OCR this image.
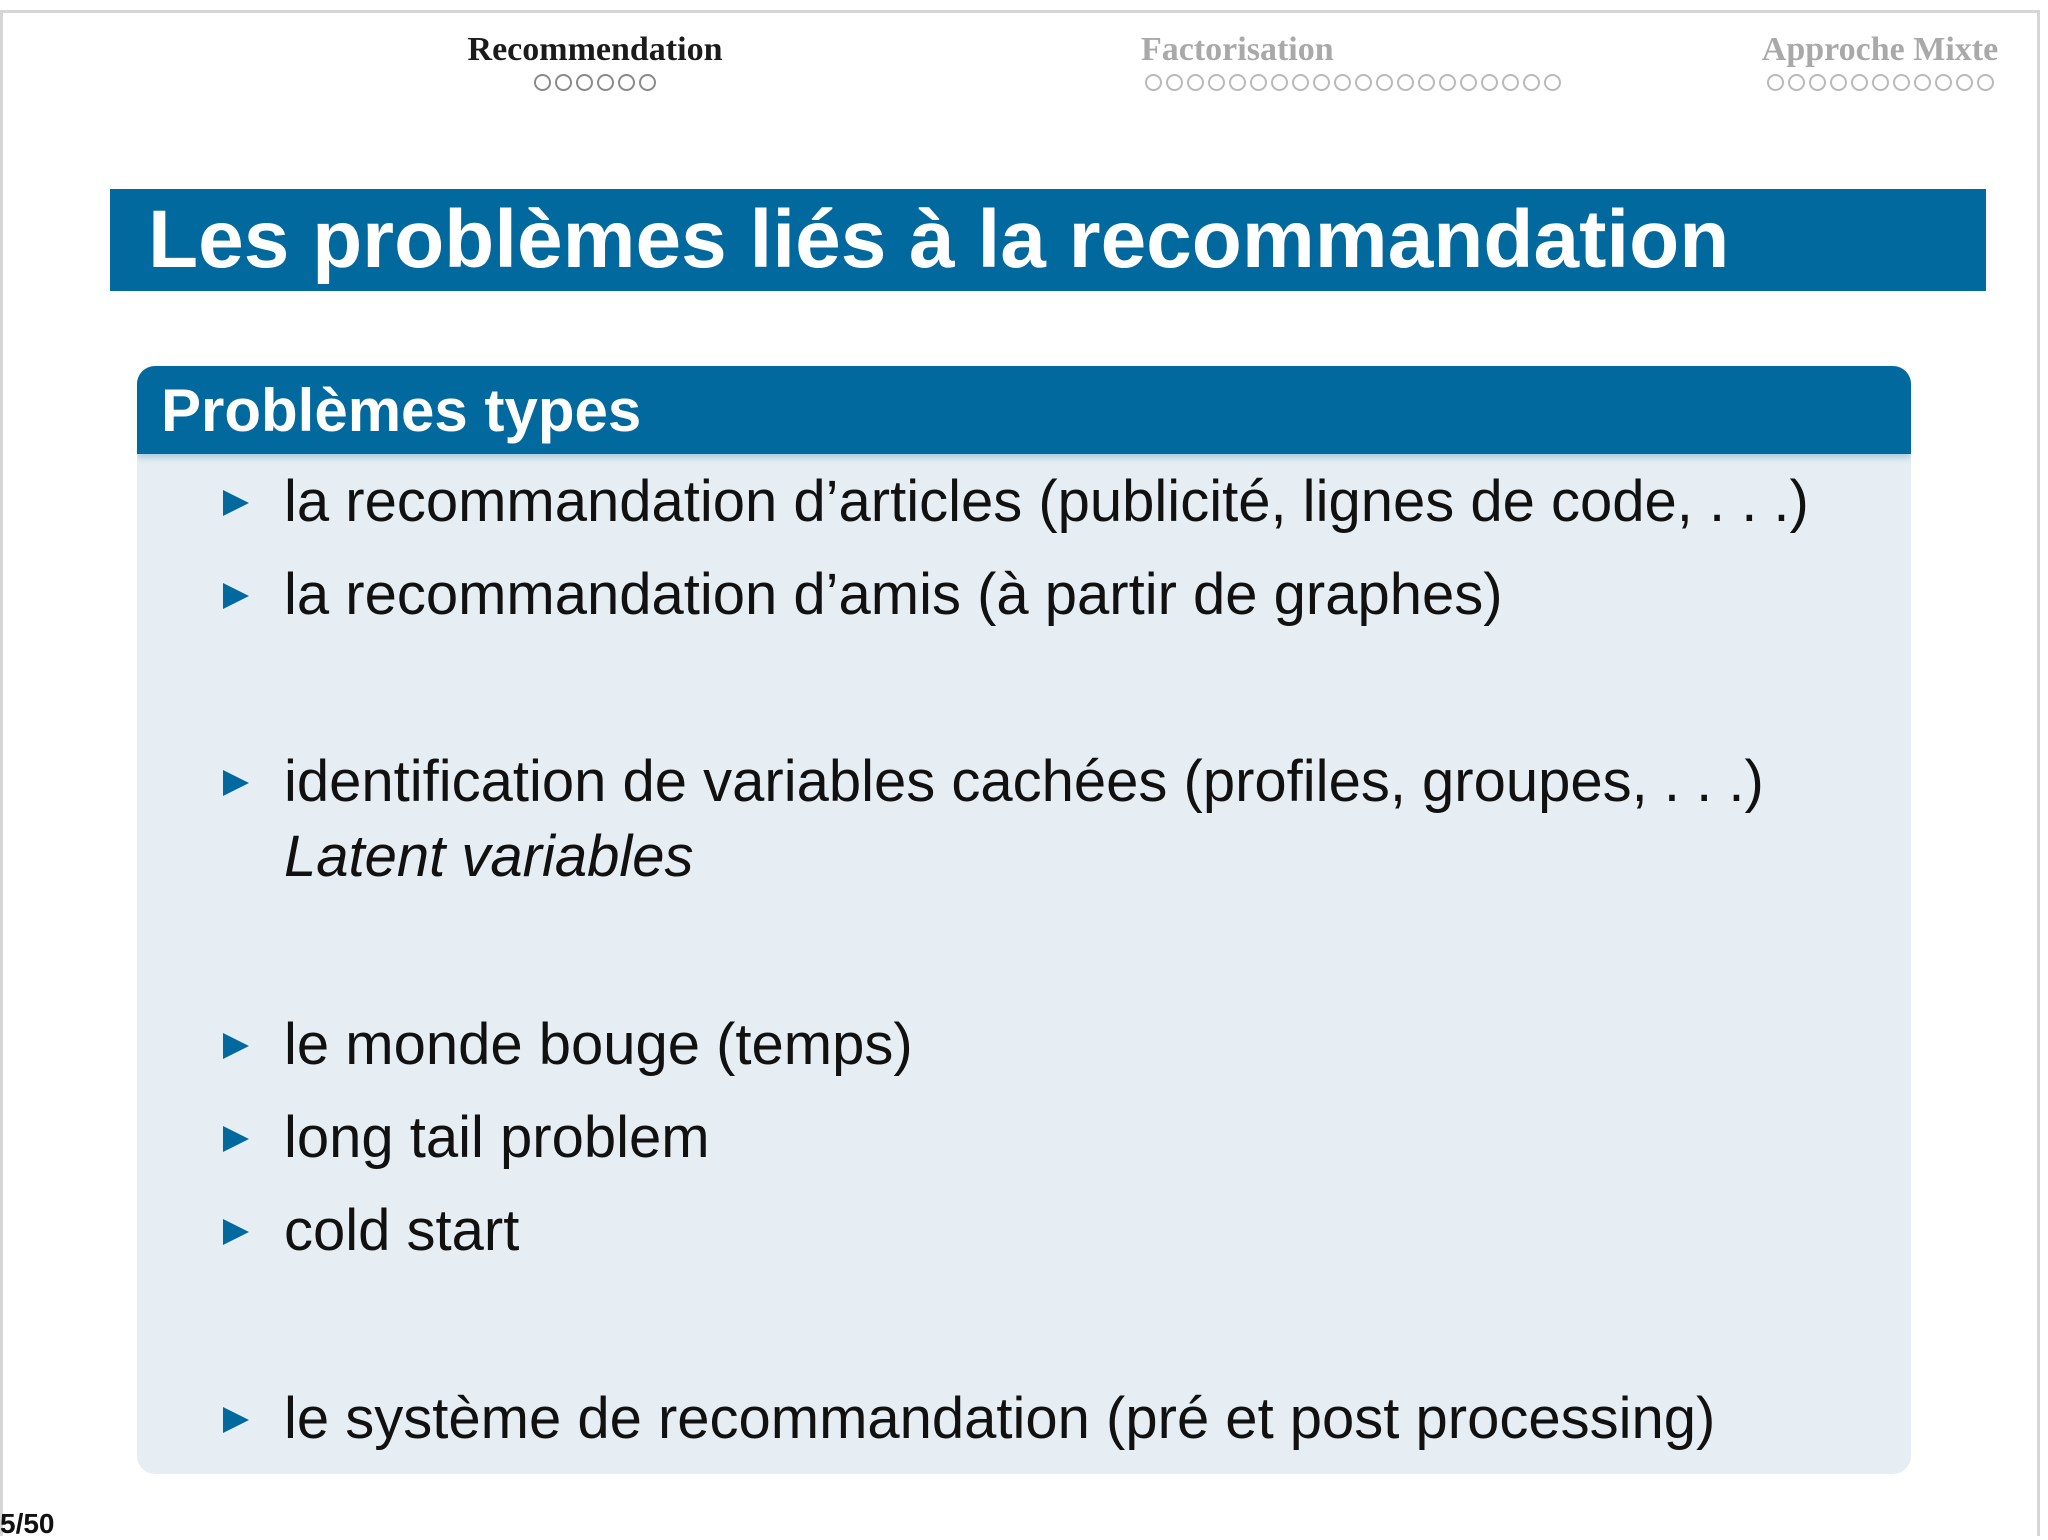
Recommendation	Factorisation	Approche Mixte
Les problèmes liés à la recommandation
Problèmes types
la recommandation d’articles (publicité, lignes de code, . . .)
la recommandation d’amis (à partir de graphes)
identification de variables cachées (profiles, groupes, . . .)
Latent variables
le monde bouge (temps)
long tail problem
cold start
le système de recommandation (pré et post processing)
5/50
